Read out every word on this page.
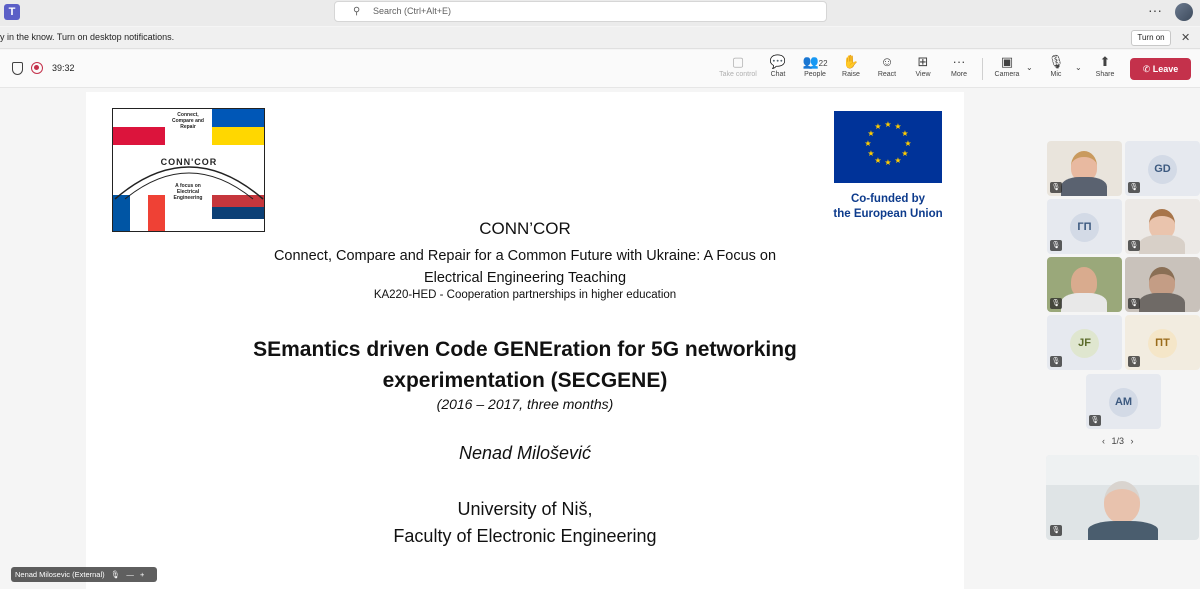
T	⚲ Search (Ctrl+Alt+E)	···
y in the know. Turn on desktop notifications.	Turn on	✕
39:32	▢
Take control
💬
Chat
👥22
People
✋
Raise
☺
React
⊞
View
···
More
▣
Camera
⌄	🎙
Mic
⌄	⬆
Share
✆ Leave
Connect, Compare and Repair
CONN'COR
A focus on Electrical Engineering
★ ★
★
★
★
★
★
★
★
★
★
★
Co-funded by
the European Union
CONN’COR
Connect, Compare and Repair for a Common Future with Ukraine: A Focus on
Electrical Engineering Teaching
KA220-HED - Cooperation partnerships in higher education
SEmantics driven Code GENEration for 5G networking
experimentation (SECGENE)
(2016 – 2017, three months)
Nenad Milošević
University of Niš,
Faculty of Electronic Engineering
Nenad Milosevic (External) 🎙 — +
🎙
GD
🎙
ГП
🎙	🎙
🎙	🎙
JF
🎙
ПТ
🎙
AM
🎙
‹ 1/3 ›
🎙
